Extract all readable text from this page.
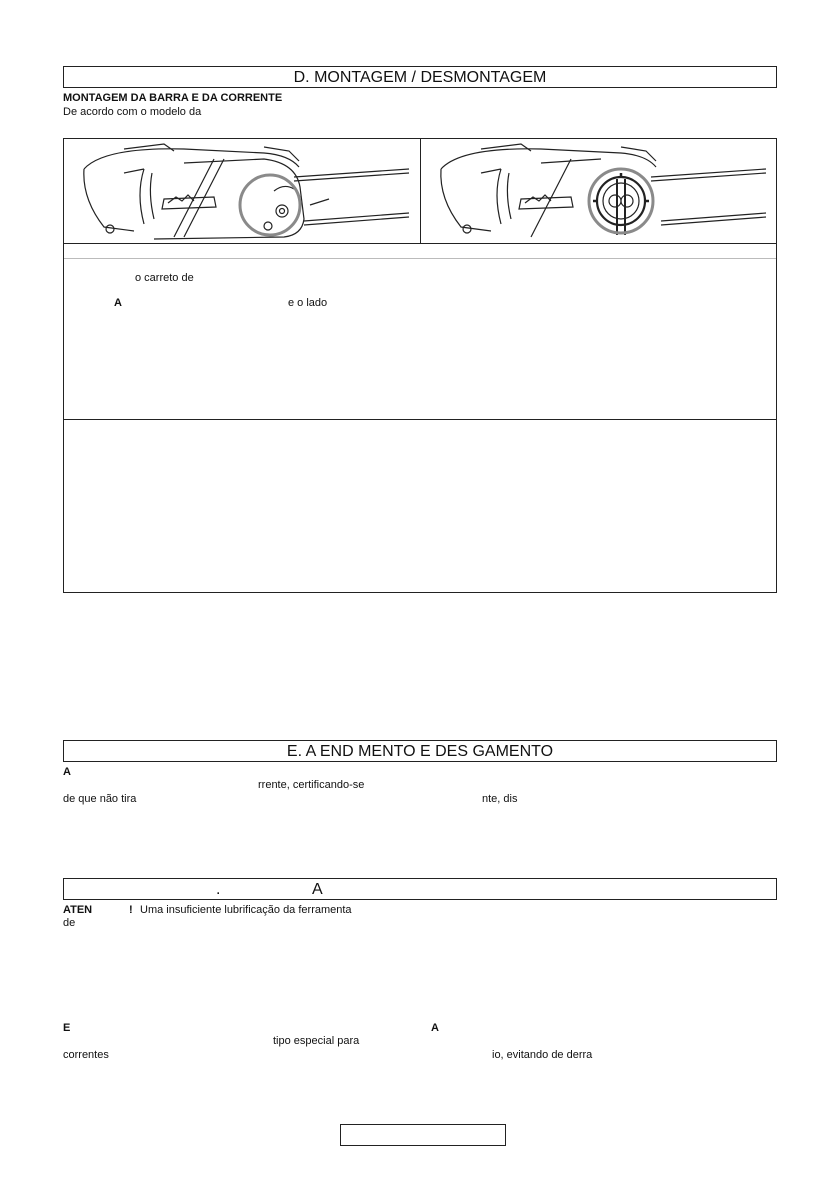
D. MONTAGEM / DESMONTAGEM
MONTAGEM DA BARRA E DA CORRENTE
De acordo com o modelo da
o carreto de
A	e o lado
E. A END MENTO E DES GAMENTO
A
rrente, certificando-se
de que não tira	nte, dis
.	A
ATEN	! Uma insuficiente lubrificação da ferramenta
de
E	A
tipo especial para
correntes	io, evitando de derra
